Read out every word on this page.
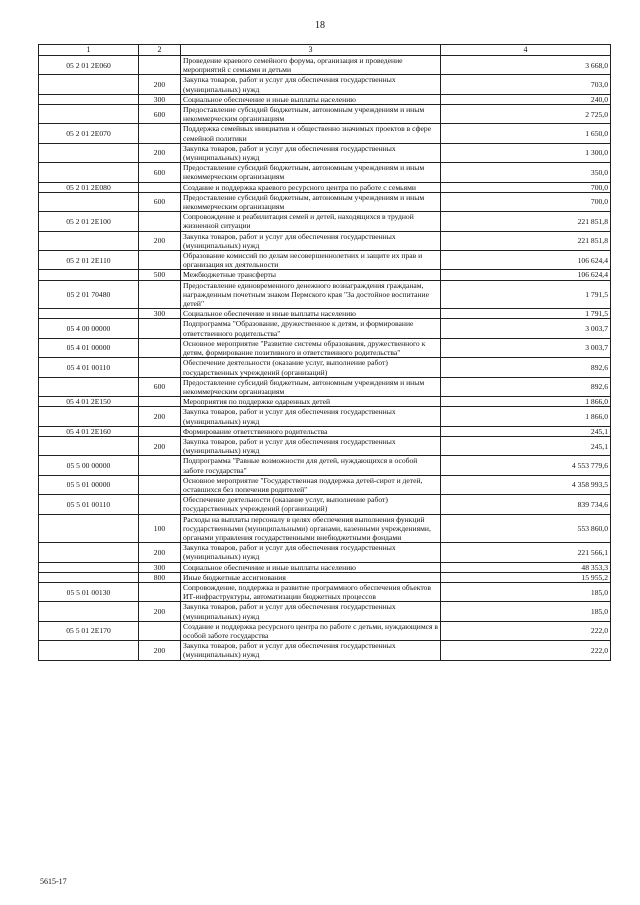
18
1	2	3	4
05 2 01 2E060		Проведение краевого семейного форума, организация и проведение мероприятий с семьями и детьми	3 668,0
	200	Закупка товаров, работ и услуг для обеспечения государственных (муниципальных) нужд	703,0
	300	Социальное обеспечение и иные выплаты населению	240,0
	600	Предоставление субсидий бюджетным, автономным учреждениям и иным некоммерческим организациям	2 725,0
05 2 01 2E070		Поддержка семейных инициатив и общественно значимых проектов в сфере семейной политики	1 650,0
	200	Закупка товаров, работ и услуг для обеспечения государственных (муниципальных) нужд	1 300,0
	600	Предоставление субсидий бюджетным, автономным учреждениям и иным некоммерческим организациям	350,0
05 2 01 2E080		Создание и поддержка краевого ресурсного центра по работе с семьями	700,0
	600	Предоставление субсидий бюджетным, автономным учреждениям и иным некоммерческим организациям	700,0
05 2 01 2E100		Сопровождение и реабилитация семей и детей, находящихся в трудной жизненной ситуации	221 851,8
	200	Закупка товаров, работ и услуг для обеспечения государственных (муниципальных) нужд	221 851,8
05 2 01 2E110		Образование комиссий по делам несовершеннолетних и защите их прав и организация их деятельности	106 624,4
	500	Межбюджетные трансферты	106 624,4
05 2 01 70480		Предоставление единовременного денежного вознаграждения гражданам, награжденным почетным знаком Пермского края "За достойное воспитание детей"	1 791,5
	300	Социальное обеспечение и иные выплаты населению	1 791,5
05 4 00 00000		Подпрограмма "Образование, дружественное к детям, и формирование ответственного родительства"	3 003,7
05 4 01 00000		Основное мероприятие "Развитие системы образования, дружественного к детям, формирование позитивного и ответственного родительства"	3 003,7
05 4 01 00110		Обеспечение деятельности (оказание услуг, выполнение работ) государственных учреждений (организаций)	892,6
	600	Предоставление субсидий бюджетным, автономным учреждениям и иным некоммерческим организациям	892,6
05 4 01 2E150		Мероприятия по поддержке одаренных детей	1 866,0
	200	Закупка товаров, работ и услуг для обеспечения государственных (муниципальных) нужд	1 866,0
05 4 01 2E160		Формирование ответственного родительства	245,1
	200	Закупка товаров, работ и услуг для обеспечения государственных (муниципальных) нужд	245,1
05 5 00 00000		Подпрограмма "Равные возможности для детей, нуждающихся в особой заботе государства"	4 553 779,6
05 5 01 00000		Основное мероприятие "Государственная поддержка детей-сирот и детей, оставшихся без попечения родителей"	4 358 993,5
05 5 01 00110		Обеспечение деятельности (оказание услуг, выполнение работ) государственных учреждений (организаций)	839 734,6
	100	Расходы на выплаты персоналу в целях обеспечения выполнения функций государственными (муниципальными) органами, казенными учреждениями, органами управления государственными внебюджетными фондами	553 860,0
	200	Закупка товаров, работ и услуг для обеспечения государственных (муниципальных) нужд	221 566,1
	300	Социальное обеспечение и иные выплаты населению	48 353,3
	800	Иные бюджетные ассигнования	15 955,2
05 5 01 00130		Сопровождение, поддержка и развитие программного обеспечения объектов ИТ-инфраструктуры, автоматизации бюджетных процессов	185,0
	200	Закупка товаров, работ и услуг для обеспечения государственных (муниципальных) нужд	185,0
05 5 01 2E170		Создание и поддержка ресурсного центра по работе с детьми, нуждающимся в особой заботе государства	222,0
	200	Закупка товаров, работ и услуг для обеспечения государственных (муниципальных) нужд	222,0
5615-17
